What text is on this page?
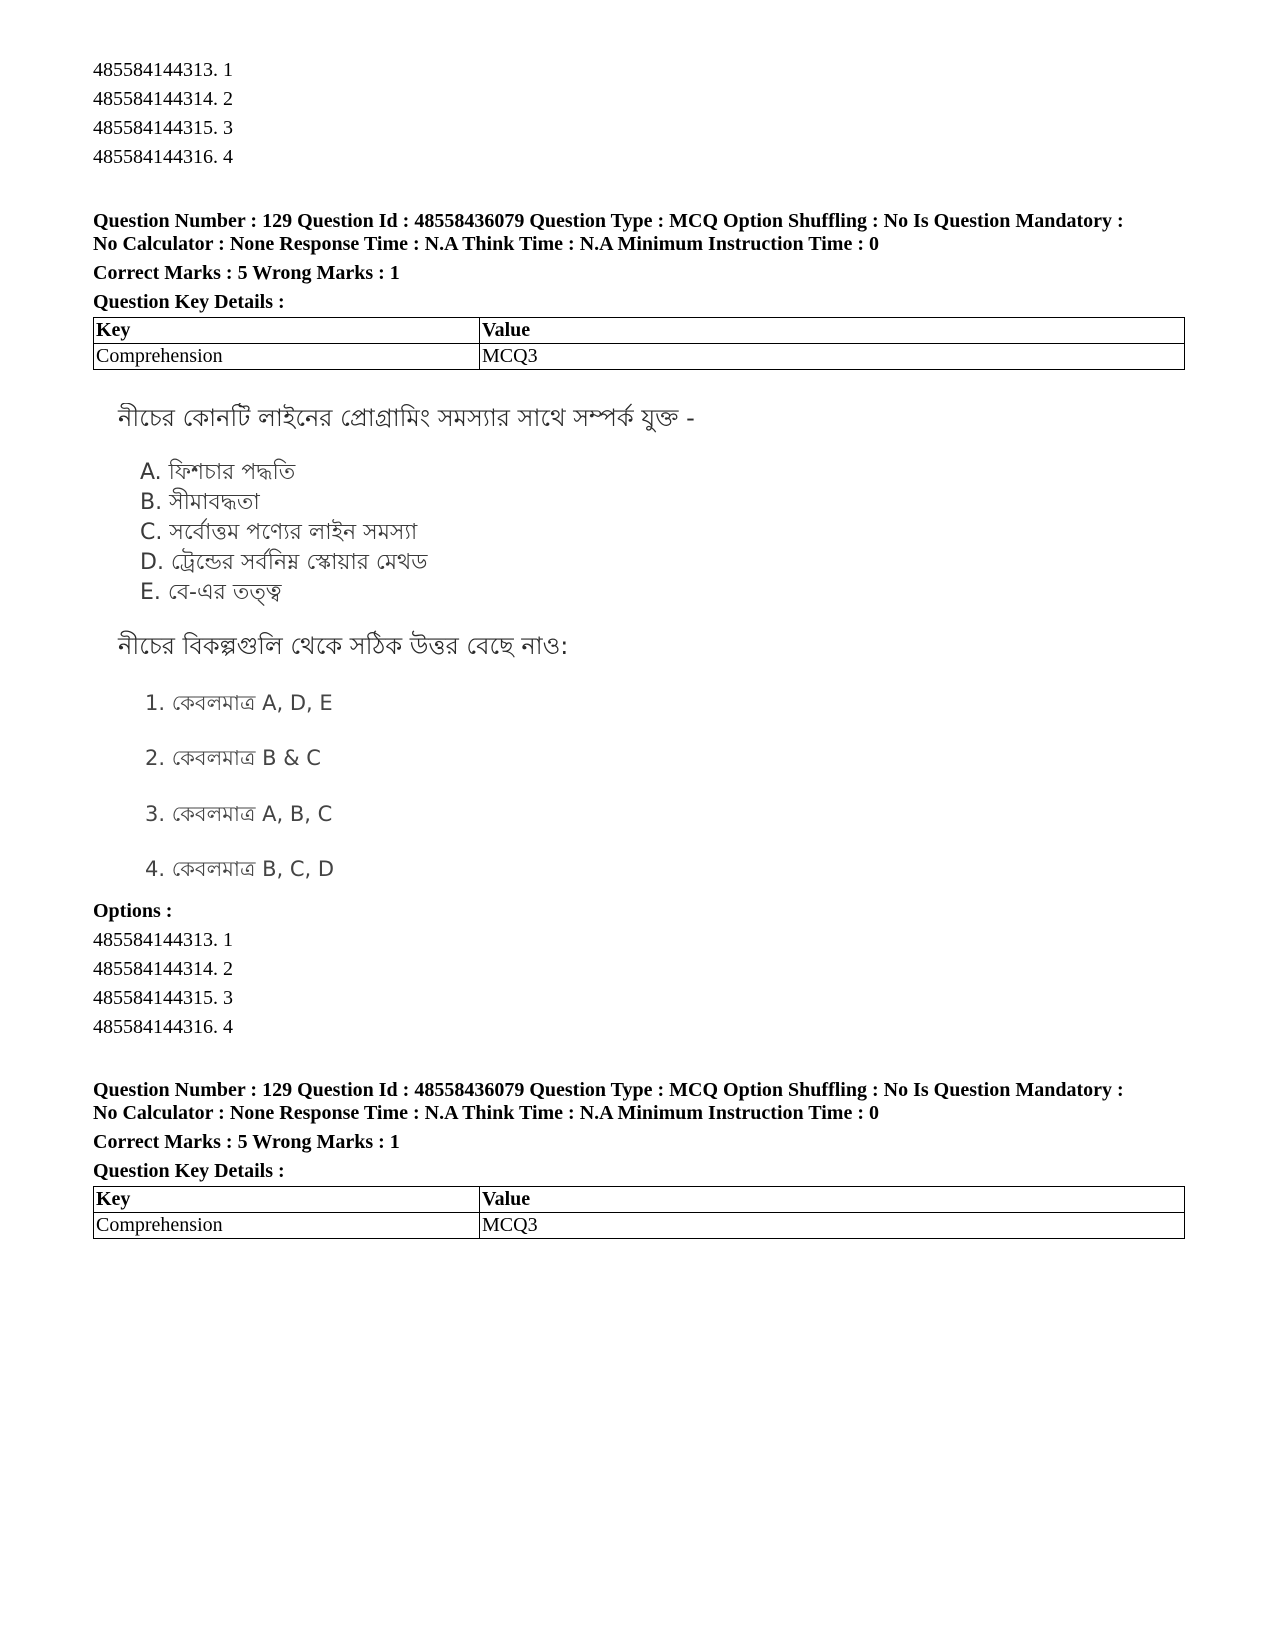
485584144313. 1
485584144314. 2
485584144315. 3
485584144316. 4
Question Number : 129 Question Id : 48558436079 Question Type : MCQ Option Shuffling : No Is Question Mandatory :
No Calculator : None Response Time : N.A Think Time : N.A Minimum Instruction Time : 0
Correct Marks : 5 Wrong Marks : 1
Question Key Details :
Key	Value
Comprehension	MCQ3
নীচের কোনটি লাইনের প্রোগ্রামিং সমস্যার সাথে সম্পর্ক যুক্ত -
A. ফিশচার পদ্ধতি
B. সীমাবদ্ধতা
C. সর্বোত্তম পণ্যের লাইন সমস্যা
D. ট্রেন্ডের সর্বনিম্ন স্কোয়ার মেথড
E. বে-এর তত্ত্ব
নীচের বিকল্পগুলি থেকে সঠিক উত্তর বেছে নাও:
1. কেবলমাত্র A, D, E
2. কেবলমাত্র B & C
3. কেবলমাত্র A, B, C
4. কেবলমাত্র B, C, D
Options :
485584144313. 1
485584144314. 2
485584144315. 3
485584144316. 4
Question Number : 129 Question Id : 48558436079 Question Type : MCQ Option Shuffling : No Is Question Mandatory :
No Calculator : None Response Time : N.A Think Time : N.A Minimum Instruction Time : 0
Correct Marks : 5 Wrong Marks : 1
Question Key Details :
Key	Value
Comprehension	MCQ3
